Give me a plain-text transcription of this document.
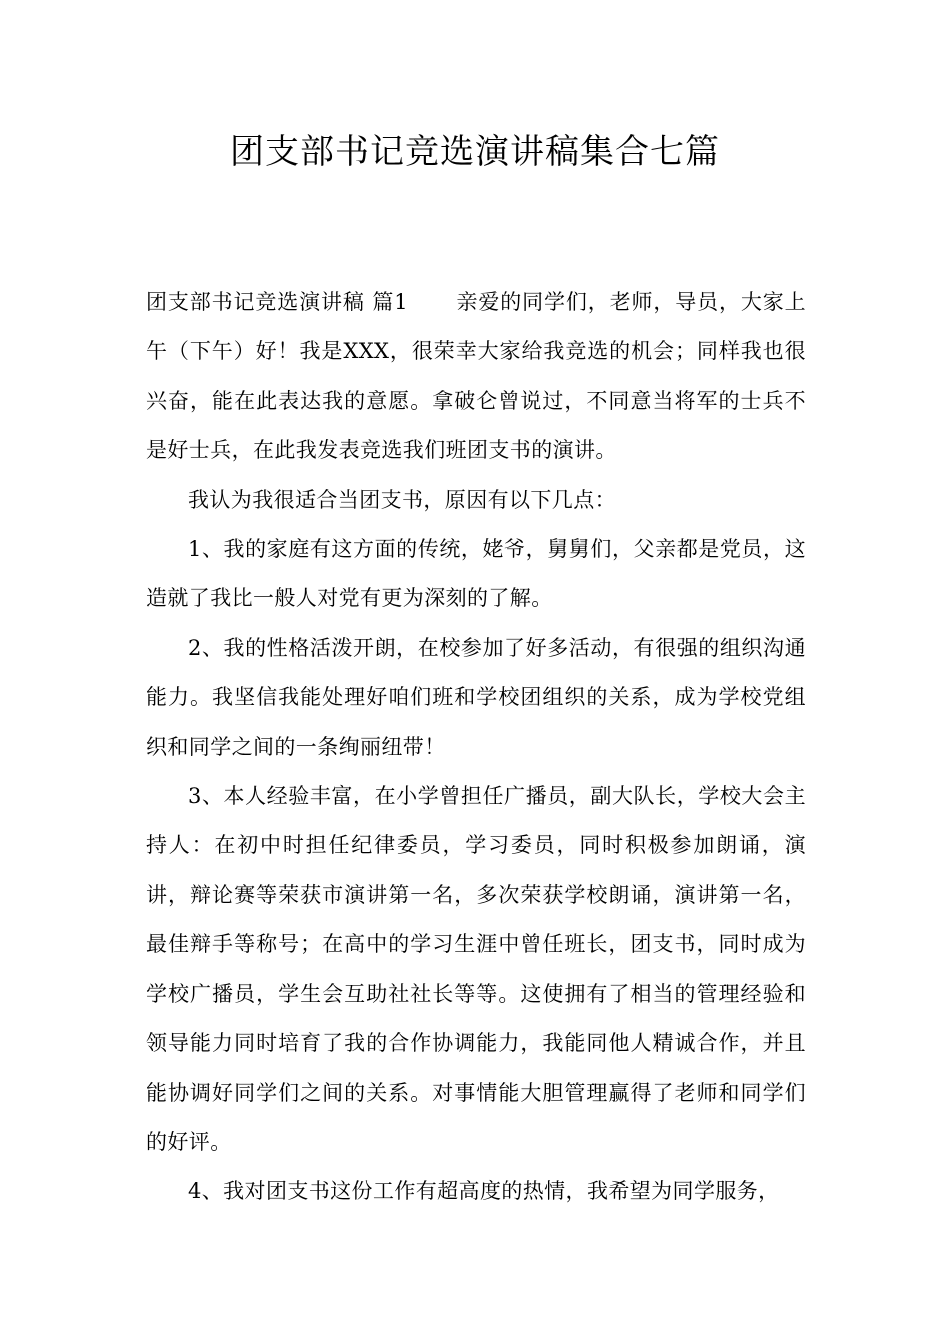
团支部书记竞选演讲稿集合七篇

团支部书记竞选演讲稿 篇1 亲爱的同学们，老师，导员，大家上午（下午）好！我是XXX，很荣幸大家给我竞选的机会；同样我也很兴奋，能在此表达我的意愿。拿破仑曾说过，不同意当将军的士兵不是好士兵，在此我发表竞选我们班团支书的演讲。

我认为我很适合当团支书，原因有以下几点：

1、我的家庭有这方面的传统，姥爷，舅舅们，父亲都是党员，这造就了我比一般人对党有更为深刻的了解。

2、我的性格活泼开朗，在校参加了好多活动，有很强的组织沟通能力。我坚信我能处理好咱们班和学校团组织的关系，成为学校党组织和同学之间的一条绚丽纽带！

3、本人经验丰富，在小学曾担任广播员，副大队长，学校大会主持人：在初中时担任纪律委员，学习委员，同时积极参加朗诵，演讲，辩论赛等荣获市演讲第一名，多次荣获学校朗诵，演讲第一名，最佳辩手等称号；在高中的学习生涯中曾任班长，团支书，同时成为学校广播员，学生会互助社社长等等。这使拥有了相当的管理经验和领导能力同时培育了我的合作协调能力，我能同他人精诚合作，并且能协调好同学们之间的关系。对事情能大胆管理赢得了老师和同学们的好评。

4、我对团支书这份工作有超高度的热情，我希望为同学服务，
